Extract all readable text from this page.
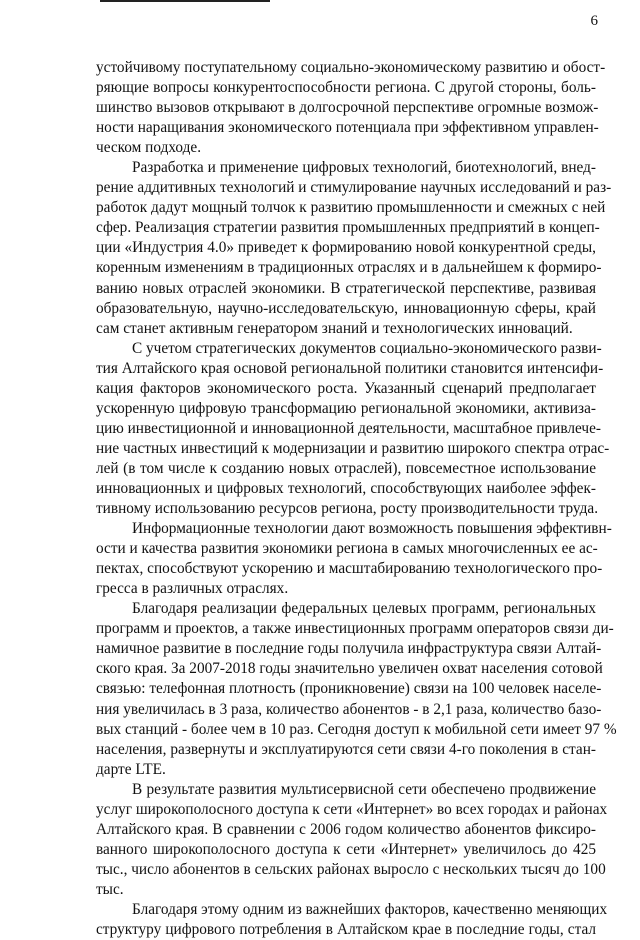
6
устойчивому поступательному социально-экономическому развитию и обост-
ряющие вопросы конкурентоспособности региона. С другой стороны, боль-
шинство вызовов открывают в долгосрочной перспективе огромные возмож-
ности наращивания экономического потенциала при эффективном управлен-
ческом подходе.
Разработка и применение цифровых технологий, биотехнологий, внед-
рение аддитивных технологий и стимулирование научных исследований и раз-
работок дадут мощный толчок к развитию промышленности и смежных с ней
сфер. Реализация стратегии развития промышленных предприятий в концеп-
ции «Индустрия 4.0» приведет к формированию новой конкурентной среды,
коренным изменениям в традиционных отраслях и в дальнейшем к формиро-
ванию новых отраслей экономики. В стратегической перспективе, развивая
образовательную, научно-исследовательскую, инновационную сферы, край
сам станет активным генератором знаний и технологических инноваций.
С учетом стратегических документов социально-экономического разви-
тия Алтайского края основой региональной политики становится интенсифи-
кация факторов экономического роста. Указанный сценарий предполагает
ускоренную цифровую трансформацию региональной экономики, активиза-
цию инвестиционной и инновационной деятельности, масштабное привлече-
ние частных инвестиций к модернизации и развитию широкого спектра отрас-
лей (в том числе к созданию новых отраслей), повсеместное использование
инновационных и цифровых технологий, способствующих наиболее эффек-
тивному использованию ресурсов региона, росту производительности труда.
Информационные технологии дают возможность повышения эффективн-
ости и качества развития экономики региона в самых многочисленных ее ас-
пектах, способствуют ускорению и масштабированию технологического про-
гресса в различных отраслях.
Благодаря реализации федеральных целевых программ, региональных
программ и проектов, а также инвестиционных программ операторов связи ди-
намичное развитие в последние годы получила инфраструктура связи Алтай-
ского края. За 2007-2018 годы значительно увеличен охват населения сотовой
связью: телефонная плотность (проникновение) связи на 100 человек населе-
ния увеличилась в 3 раза, количество абонентов - в 2,1 раза, количество базо-
вых станций - более чем в 10 раз. Сегодня доступ к мобильной сети имеет 97 %
населения, развернуты и эксплуатируются сети связи 4-го поколения в стан-
дарте LTE.
В результате развития мультисервисной сети обеспечено продвижение
услуг широкополосного доступа к сети «Интернет» во всех городах и районах
Алтайского края. В сравнении с 2006 годом количество абонентов фиксиро-
ванного широкополосного доступа к сети «Интернет» увеличилось до 425
тыс., число абонентов в сельских районах выросло с нескольких тысяч до 100
тыс.
Благодаря этому одним из важнейших факторов, качественно меняющих
структуру цифрового потребления в Алтайском крае в последние годы, стал
